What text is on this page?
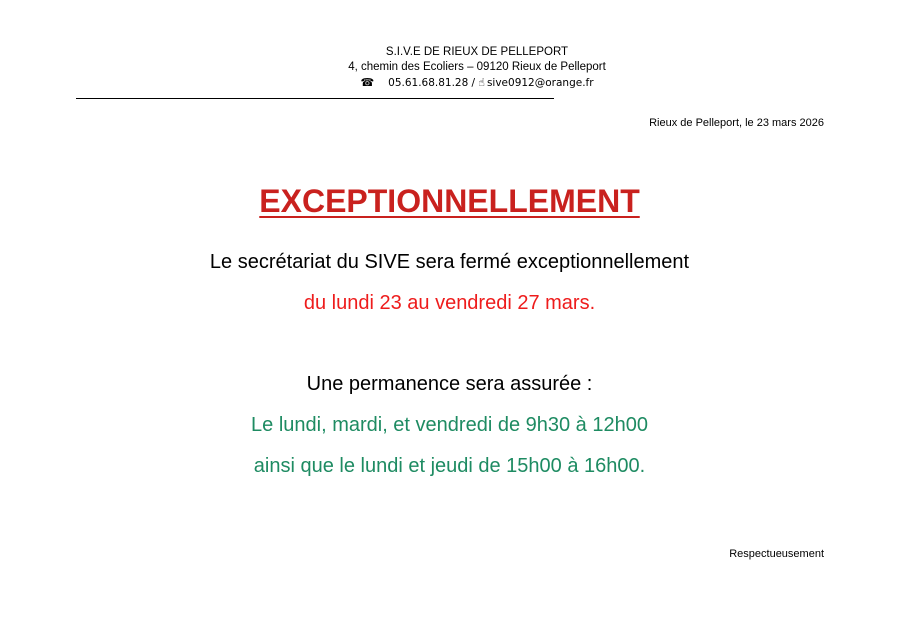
S.I.V.E DE RIEUX DE PELLEPORT
4, chemin des Ecoliers – 09120 Rieux de Pelleport
☎ 05.61.68.81.28 / ☝ sive0912@orange.fr
Rieux de Pelleport, le 23 mars 2026
EXCEPTIONNELLEMENT
Le secrétariat du SIVE sera fermé exceptionnellement
du lundi 23 au vendredi 27 mars.
Une permanence sera assurée :
Le lundi, mardi, et vendredi de 9h30 à 12h00
ainsi que le lundi et jeudi de 15h00 à 16h00.
Respectueusement
